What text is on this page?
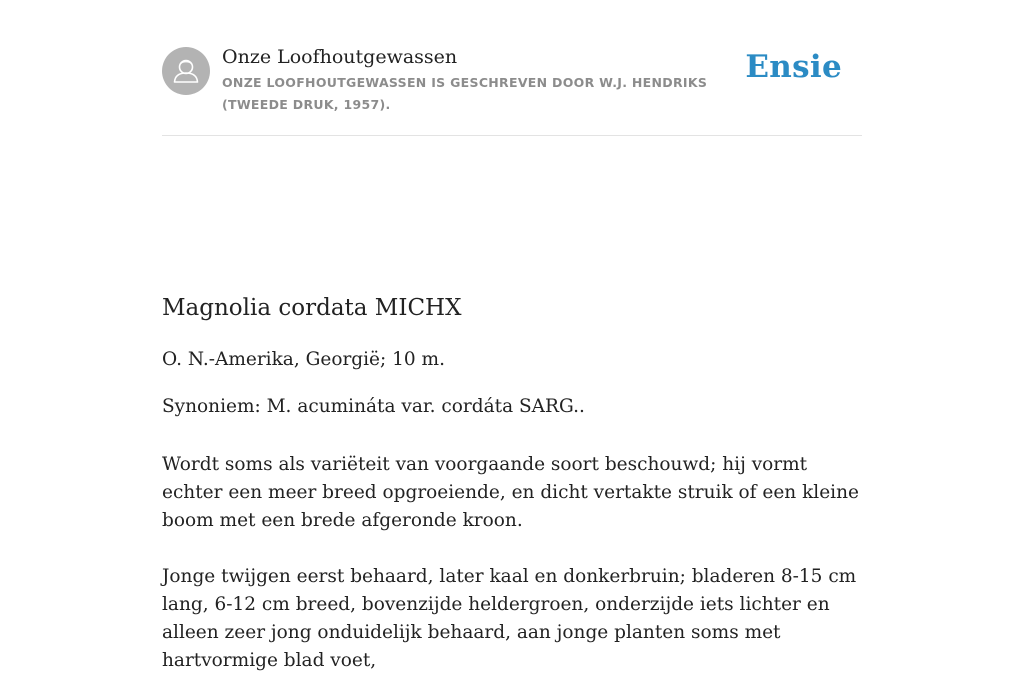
Onze Loofhoutgewassen
ONZE LOOFHOUTGEWASSEN IS GESCHREVEN DOOR W.J. HENDRIKS (TWEEDE DRUK, 1957).
Ensie
Magnolia cordata MICHX

O. N.-Amerika, Georgië; 10 m.

Synoniem: M. acumináta var. cordáta SARG..

Wordt soms als variëteit van voorgaande soort beschouwd; hij vormt echter een meer breed opgroeiende, en dicht vertakte struik of een kleine boom met een brede afgeronde kroon.

Jonge twijgen eerst behaard, later kaal en donkerbruin; bladeren 8-15 cm lang, 6-12 cm breed, bovenzijde heldergroen, onderzijde iets lichter en alleen zeer jong onduidelijk behaard, aan jonge planten soms met hartvormige blad voet,
